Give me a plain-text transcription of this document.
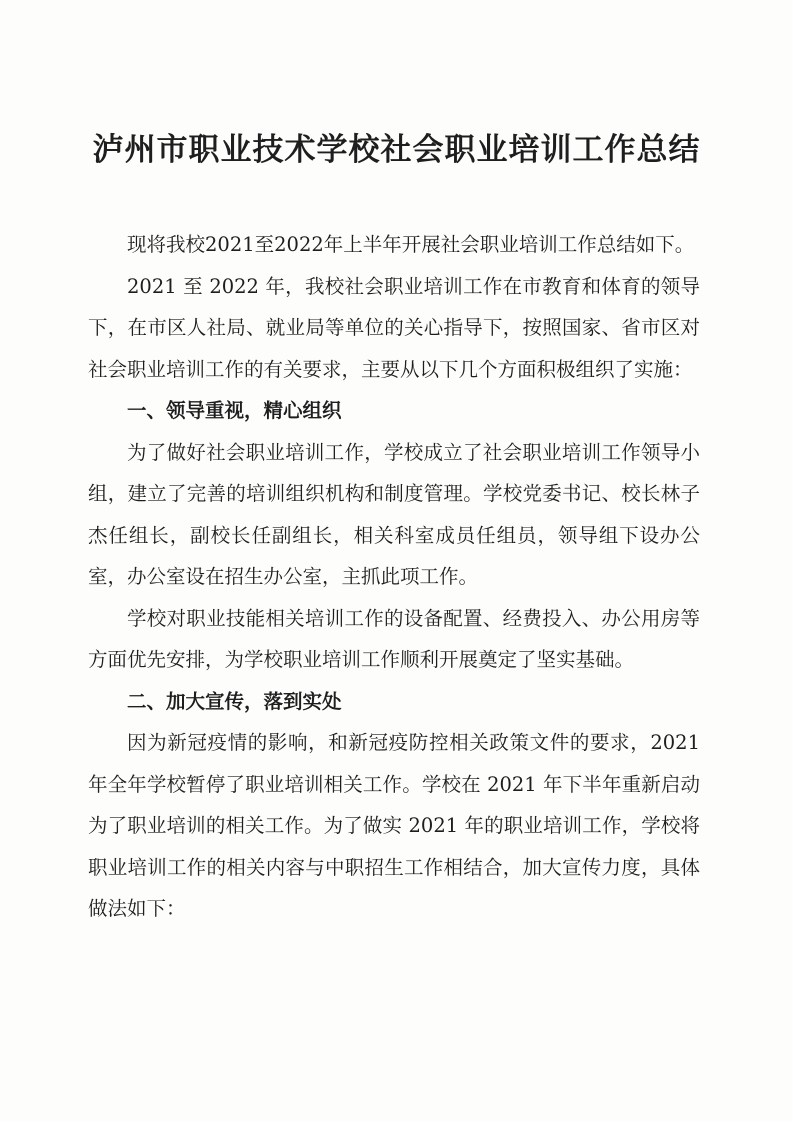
泸州市职业技术学校社会职业培训工作总结

现将我校2021至2022年上半年开展社会职业培训工作总结如下。

2021 至 2022 年，我校社会职业培训工作在市教育和体育的领导下，在市区人社局、就业局等单位的关心指导下，按照国家、省市区对社会职业培训工作的有关要求，主要从以下几个方面积极组织了实施：

一、领导重视，精心组织

为了做好社会职业培训工作，学校成立了社会职业培训工作领导小组，建立了完善的培训组织机构和制度管理。学校党委书记、校长林子杰任组长，副校长任副组长，相关科室成员任组员，领导组下设办公室，办公室设在招生办公室，主抓此项工作。

学校对职业技能相关培训工作的设备配置、经费投入、办公用房等方面优先安排，为学校职业培训工作顺利开展奠定了坚实基础。

二、加大宣传，落到实处

因为新冠疫情的影响，和新冠疫防控相关政策文件的要求，2021 年全年学校暂停了职业培训相关工作。学校在 2021 年下半年重新启动为了职业培训的相关工作。为了做实 2021 年的职业培训工作，学校将职业培训工作的相关内容与中职招生工作相结合，加大宣传力度，具体做法如下：
